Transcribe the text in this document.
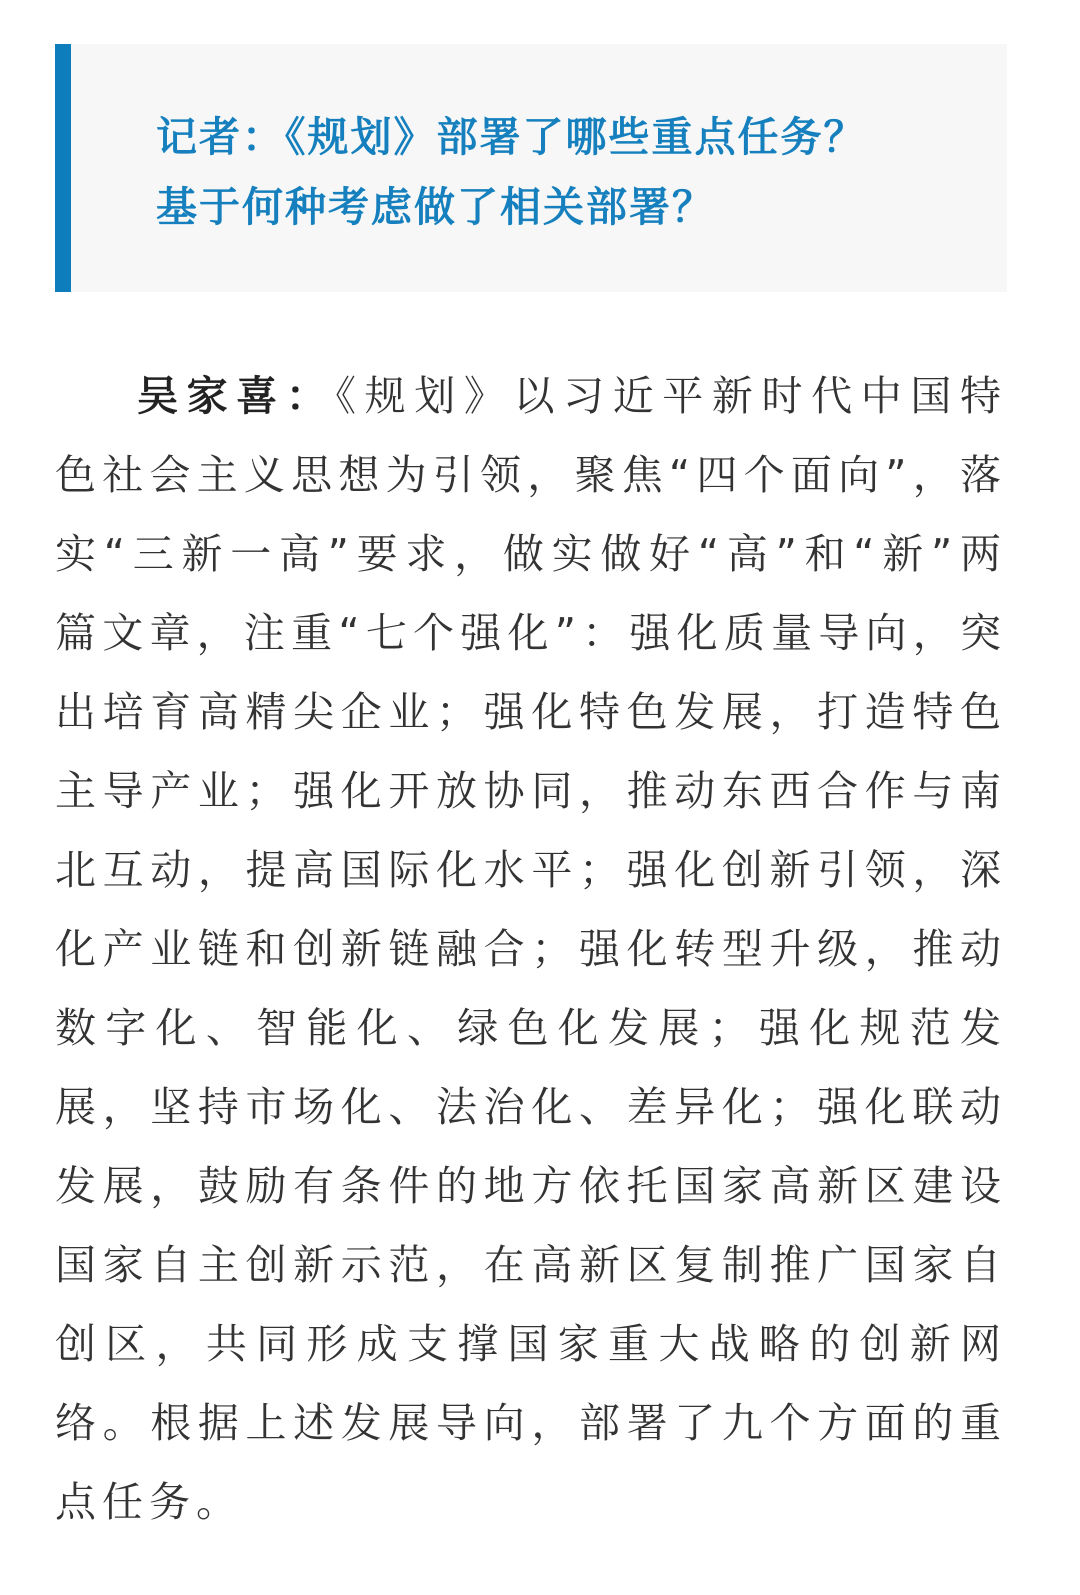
记者：《规划》部署了哪些重点任务？
基于何种考虑做了相关部署？

吴家喜：《规划》以习近平新时代中国特色社会主义思想为引领，聚焦“四个面向”，落实“三新一高”要求，做实做好“高”和“新”两篇文章，注重“七个强化”：强化质量导向，突出培育高精尖企业；强化特色发展，打造特色主导产业；强化开放协同，推动东西合作与南北互动，提高国际化水平；强化创新引领，深化产业链和创新链融合；强化转型升级，推动数字化、智能化、绿色化发展；强化规范发展，坚持市场化、法治化、差异化；强化联动发展，鼓励有条件的地方依托国家高新区建设国家自主创新示范，在高新区复制推广国家自创区，共同形成支撑国家重大战略的创新网络。根据上述发展导向，部署了九个方面的重点任务。
